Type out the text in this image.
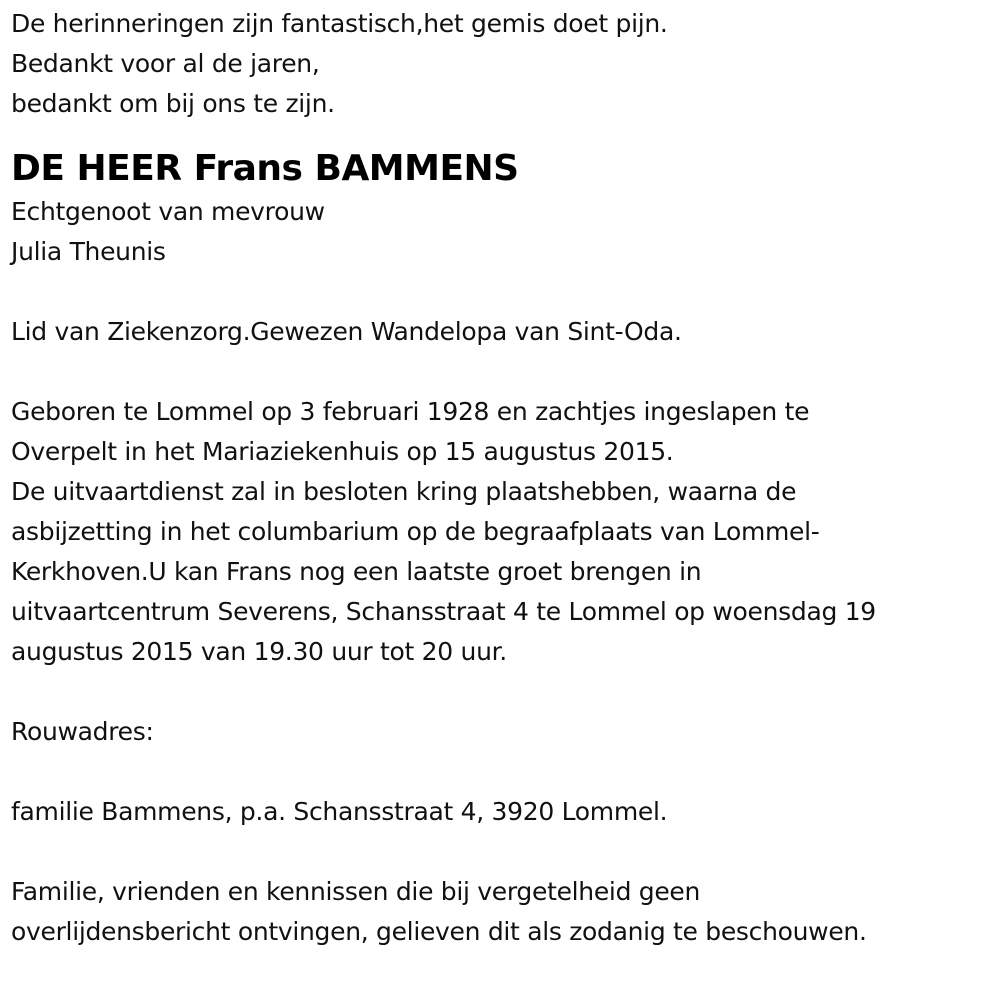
De herinneringen zijn fantastisch,het gemis doet pijn.
Bedankt voor al de jaren,
bedankt om bij ons te zijn.
DE HEER Frans BAMMENS
Echtgenoot van mevrouw
Julia Theunis
Lid van Ziekenzorg.Gewezen Wandelopa van Sint-Oda.
Geboren te Lommel op 3 februari 1928 en zachtjes ingeslapen te
Overpelt in het Mariaziekenhuis op 15 augustus 2015.
De uitvaartdienst zal in besloten kring plaatshebben, waarna de
asbijzetting in het columbarium op de begraafplaats van Lommel-
Kerkhoven.U kan Frans nog een laatste groet brengen in
uitvaartcentrum Severens, Schansstraat 4 te Lommel op woensdag 19
augustus 2015 van 19.30 uur tot 20 uur.
Rouwadres:
familie Bammens, p.a. Schansstraat 4, 3920 Lommel.
Familie, vrienden en kennissen die bij vergetelheid geen
overlijdensbericht ontvingen, gelieven dit als zodanig te beschouwen.
